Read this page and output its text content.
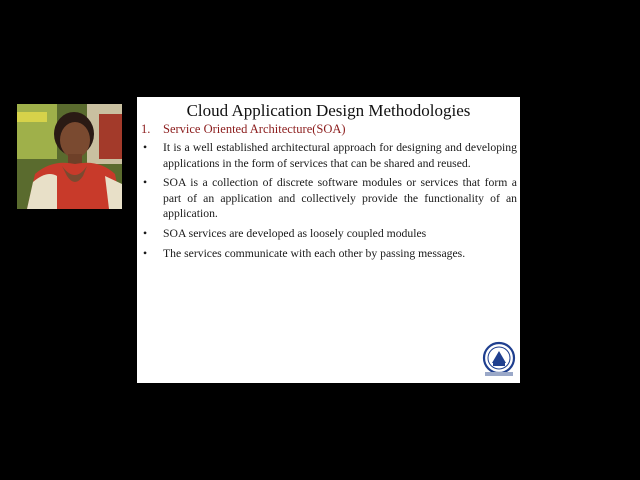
Cloud Application Design Methodologies
1. Service Oriented Architecture(SOA)
• It is a well established architectural approach for designing and developing applications in the form of services that can be shared and reused.
• SOA is a collection of discrete software modules or services that form a part of an application and collectively provide the functionality of an application.
• SOA services are developed as loosely coupled modules
• The services communicate with each other by passing messages.
